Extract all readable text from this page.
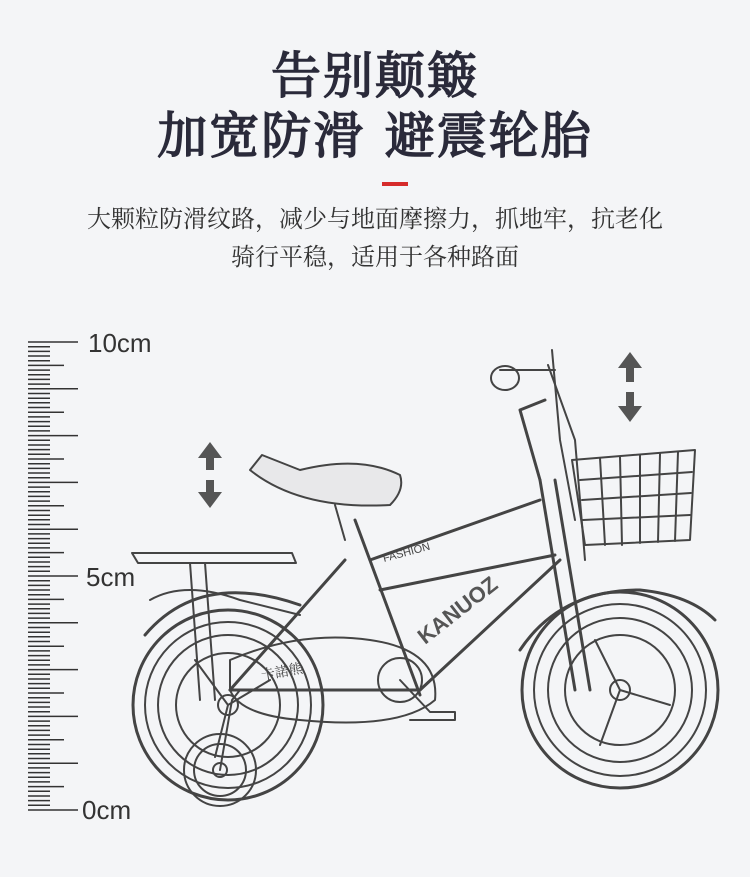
告别颠簸
加宽防滑 避震轮胎
大颗粒防滑纹路，减少与地面摩擦力，抓地牢，抗老化
骑行平稳，适用于各种路面
10cm
5cm
0cm
FASHION
KANUOZ
卡諾熊
